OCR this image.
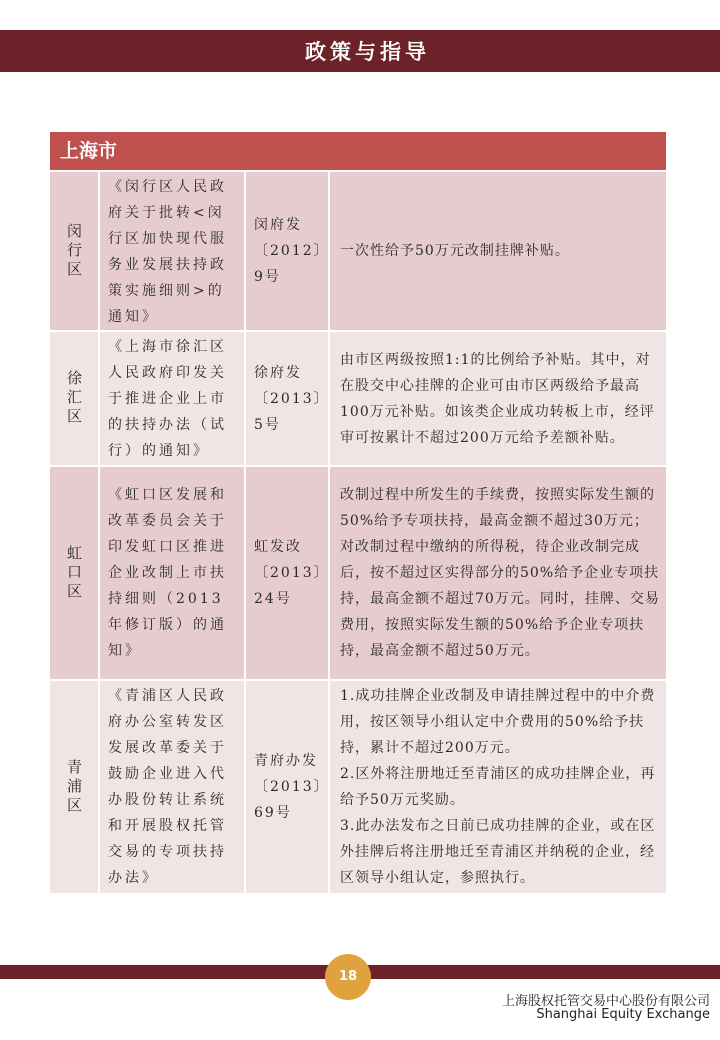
政策与指导
上海市
闵行区
《闵行区人民政府关于批转<闵行区加快现代服务业发展扶持政策实施细则>的通知》
闵府发〔2012〕9号
一次性给予50万元改制挂牌补贴。
徐汇区
《上海市徐汇区人民政府印发关于推进企业上市的扶持办法（试行）的通知》
徐府发〔2013〕5号
由市区两级按照1:1的比例给予补贴。其中，对在股交中心挂牌的企业可由市区两级给予最高100万元补贴。如该类企业成功转板上市，经评审可按累计不超过200万元给予差额补贴。
虹口区
《虹口区发展和改革委员会关于印发虹口区推进企业改制上市扶持细则（2013年修订版）的通知》
虹发改〔2013〕24号
改制过程中所发生的手续费，按照实际发生额的50%给予专项扶持，最高金额不超过30万元；对改制过程中缴纳的所得税，待企业改制完成后，按不超过区实得部分的50%给予企业专项扶持，最高金额不超过70万元。同时，挂牌、交易费用，按照实际发生额的50%给予企业专项扶持，最高金额不超过50万元。
青浦区
《青浦区人民政府办公室转发区发展改革委关于鼓励企业进入代办股份转让系统和开展股权托管交易的专项扶持办法》
青府办发〔2013〕69号
1.成功挂牌企业改制及申请挂牌过程中的中介费用，按区领导小组认定中介费用的50%给予扶持，累计不超过200万元。
2.区外将注册地迁至青浦区的成功挂牌企业，再给予50万元奖励。
3.此办法发布之日前已成功挂牌的企业，或在区外挂牌后将注册地迁至青浦区并纳税的企业，经区领导小组认定，参照执行。
18
上海股权托管交易中心股份有限公司
Shanghai Equity Exchange
